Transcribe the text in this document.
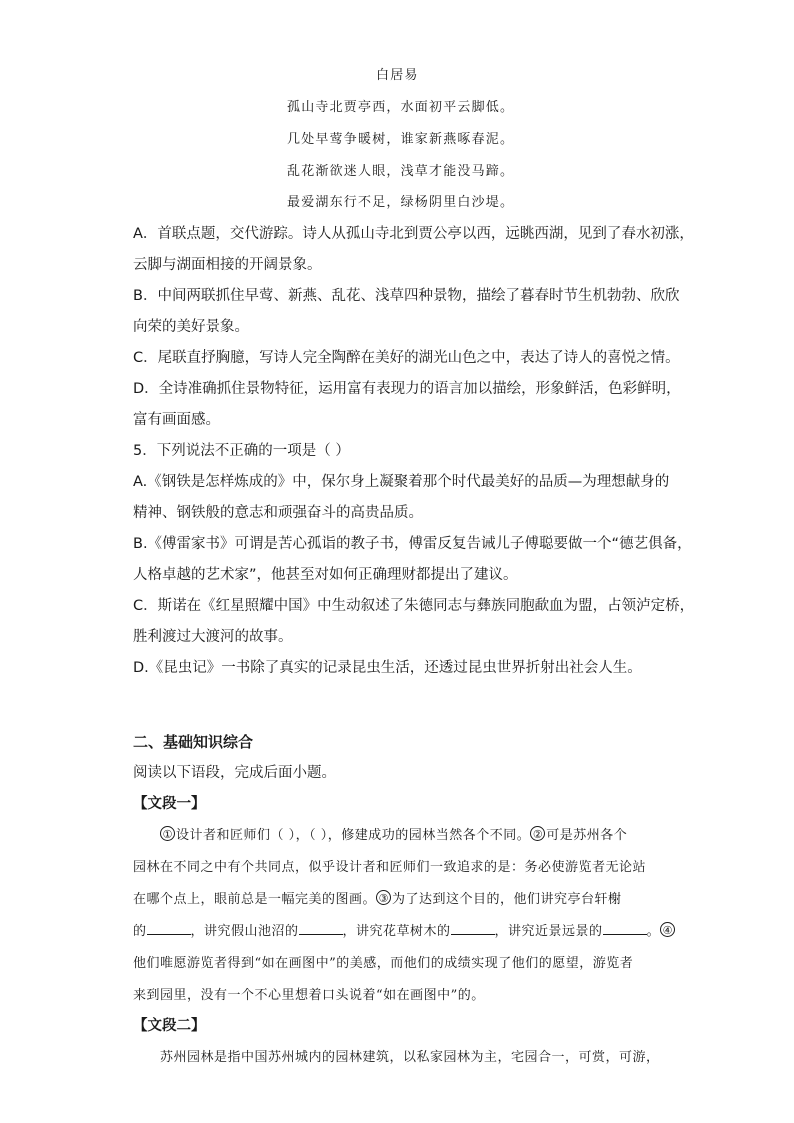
白居易
孤山寺北贾亭西，水面初平云脚低。
几处早莺争暖树，谁家新燕啄春泥。
乱花渐欲迷人眼，浅草才能没马蹄。
最爱湖东行不足，绿杨阴里白沙堤。
A．首联点题，交代游踪。诗人从孤山寺北到贾公亭以西，远眺西湖，见到了春水初涨，
云脚与湖面相接的开阔景象。
B．中间两联抓住早莺、新燕、乱花、浅草四种景物，描绘了暮春时节生机勃勃、欣欣
向荣的美好景象。
C．尾联直抒胸臆，写诗人完全陶醉在美好的湖光山色之中，表达了诗人的喜悦之情。
D．全诗准确抓住景物特征，运用富有表现力的语言加以描绘，形象鲜活，色彩鲜明，
富有画面感。
5．下列说法不正确的一项是（ ）
A.《钢铁是怎样炼成的》中，保尔身上凝聚着那个时代最美好的品质—为理想献身的
精神、钢铁般的意志和顽强奋斗的高贵品质。
B.《傅雷家书》可谓是苦心孤诣的教子书，傅雷反复告诫儿子傅聪要做一个“德艺俱备，
人格卓越的艺术家”，他甚至对如何正确理财都提出了建议。
C．斯诺在《红星照耀中国》中生动叙述了朱德同志与彝族同胞歃血为盟，占领泸定桥，
胜利渡过大渡河的故事。
D.《昆虫记》一书除了真实的记录昆虫生活，还透过昆虫世界折射出社会人生。
二、基础知识综合
阅读以下语段，完成后面小题。
【文段一】
① 设计者和匠师们（ ），（ ），修建成功的园林当然各个不同。 ② 可是苏州各个
园林在不同之中有个共同点，似乎设计者和匠师们一致追求的是：务必使游览者无论站
在哪个点上，眼前总是一幅完美的图画。 ③ 为了达到这个目的，他们讲究亭台轩榭
的	，讲究假山池沼的	，讲究花草树木的	，讲究近景远景的	。 ④
他们唯愿游览者得到“如在画图中”的美感，而他们的成绩实现了他们的愿望，游览者
来到园里，没有一个不心里想着口头说着“如在画图中”的。
【文段二】
苏州园林是指中国苏州城内的园林建筑，以私家园林为主，宅园合一，可赏，可游，
